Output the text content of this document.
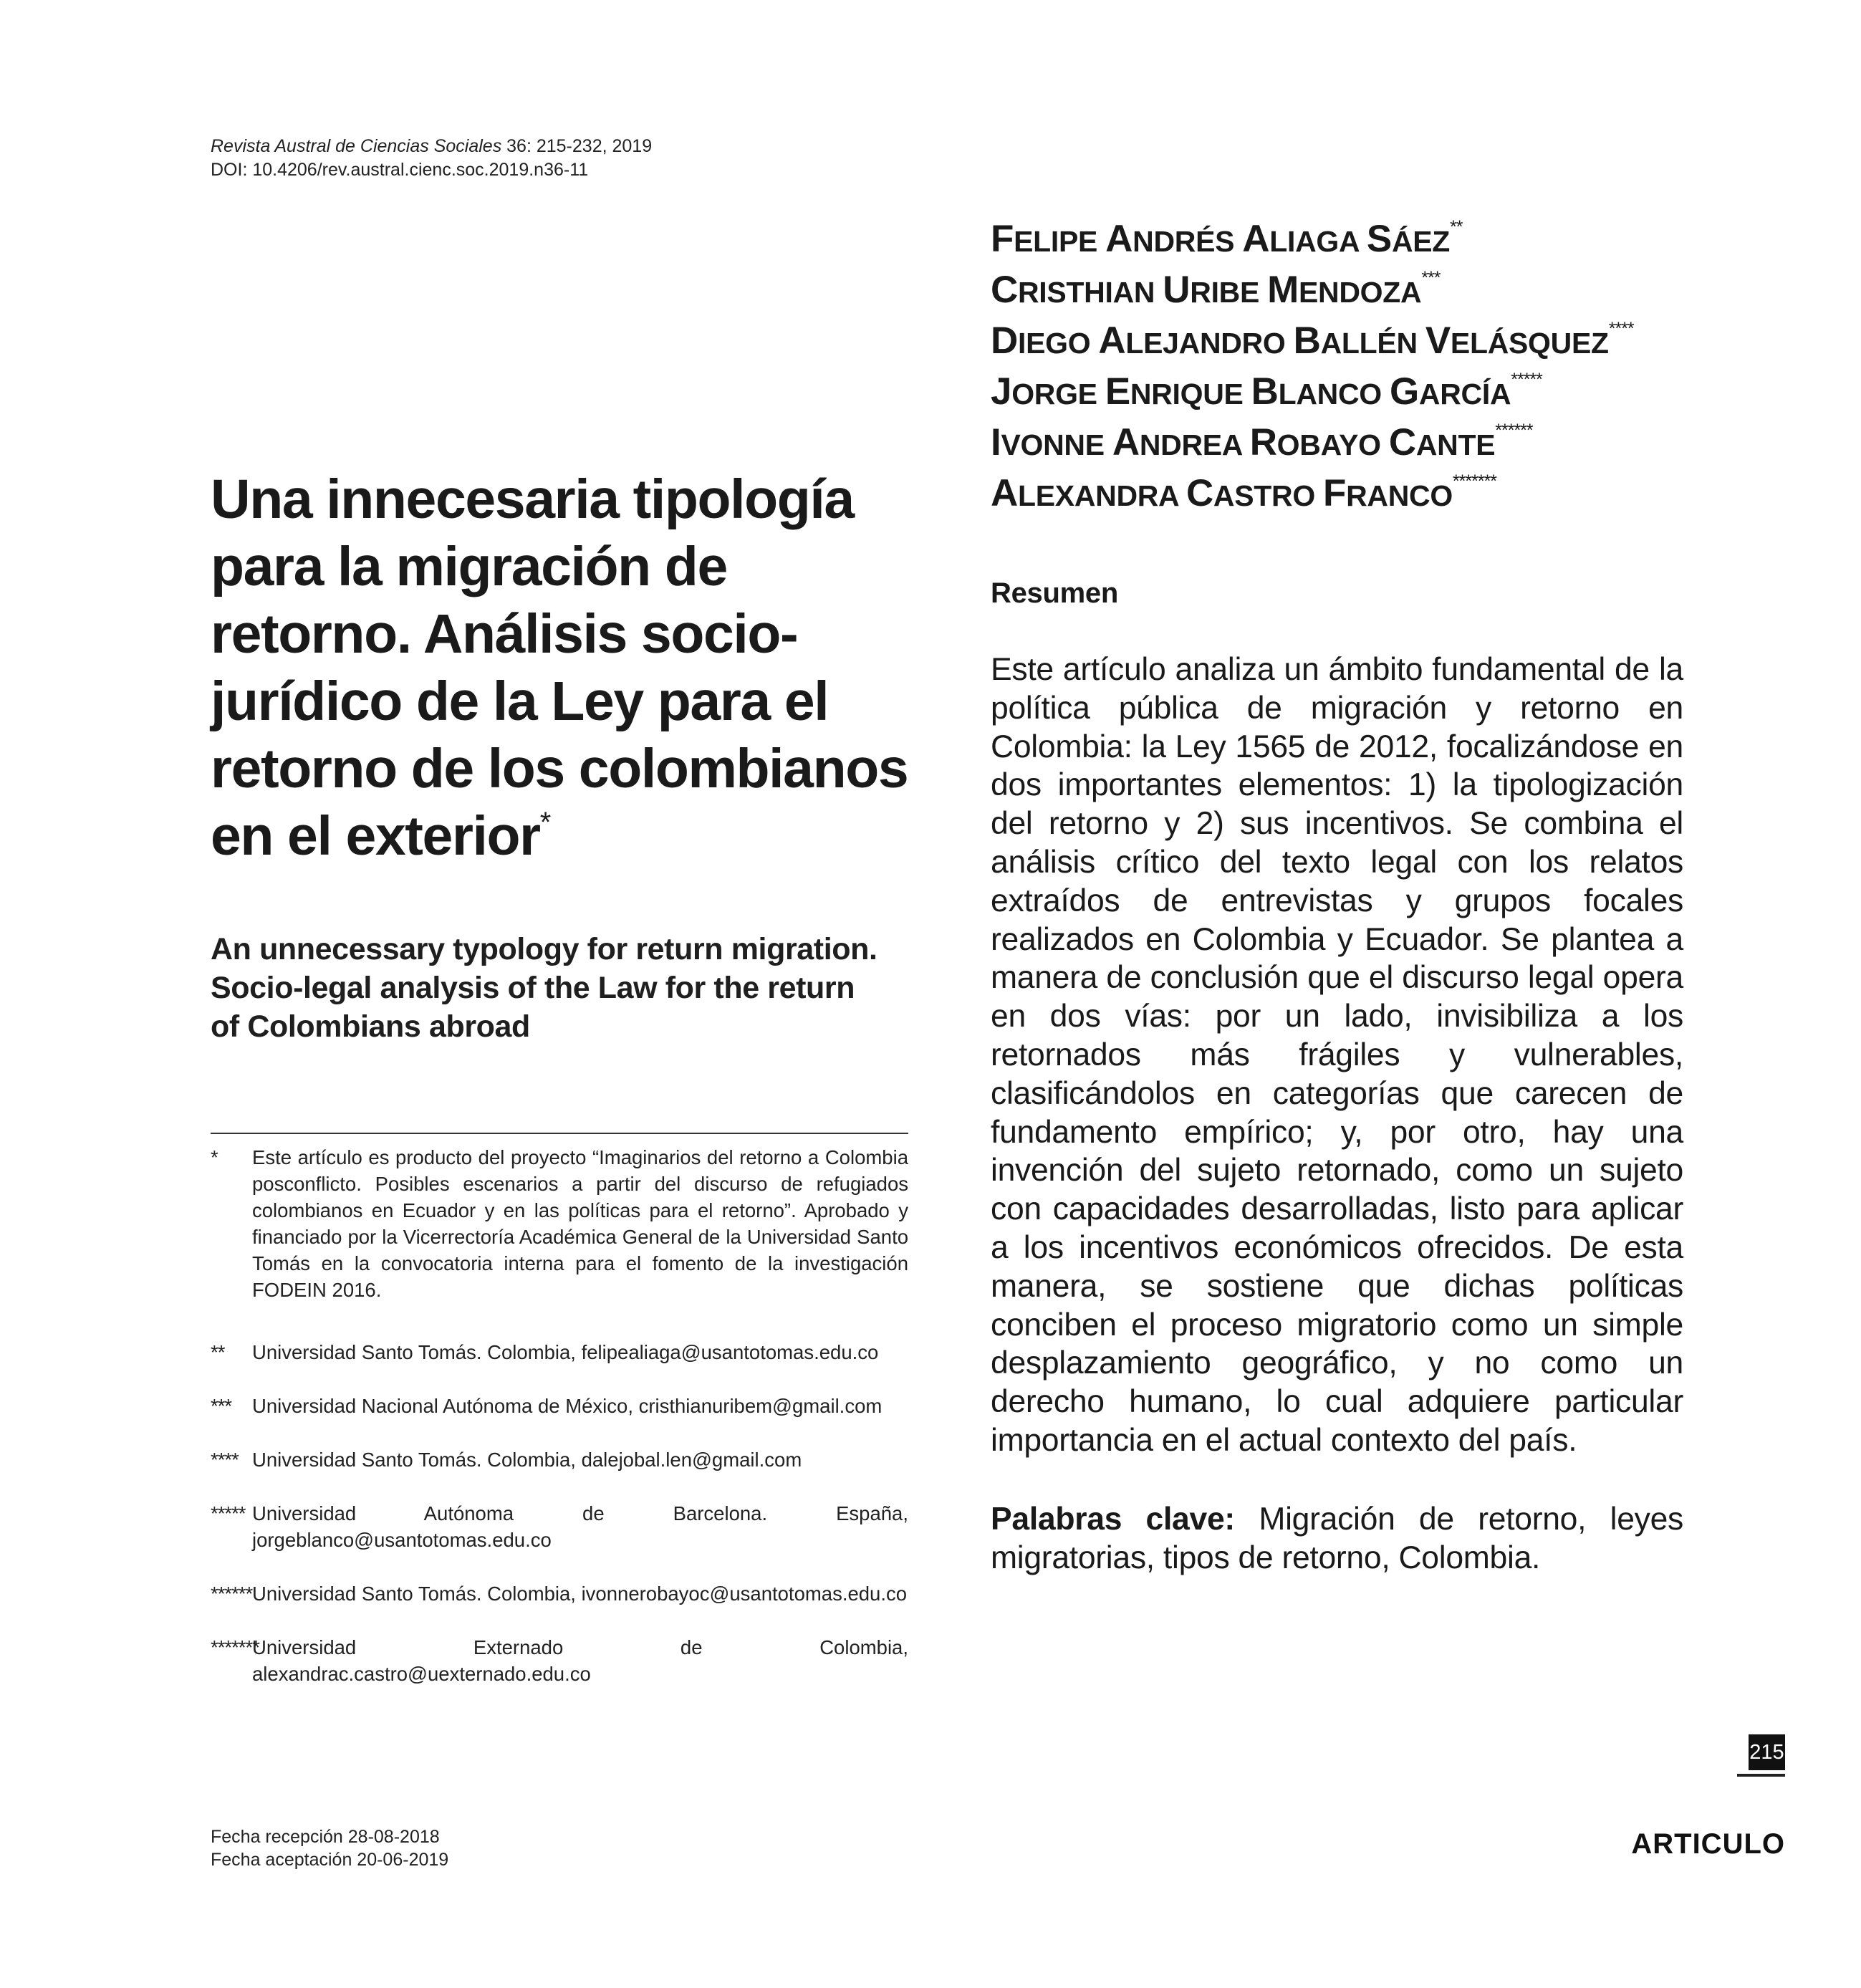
Revista Austral de Ciencias Sociales 36: 215-232, 2019
DOI: 10.4206/rev.austral.cienc.soc.2019.n36-11
Una innecesaria tipología
para la migración de
retorno. Análisis socio-
jurídico de la Ley para el
retorno de los colombianos
en el exterior*
An unnecessary typology for return migration.
Socio-legal analysis of the Law for the return
of Colombians abroad
* Este artículo es producto del proyecto “Imaginarios del retorno a Colombia posconflicto. Posibles escenarios a partir del discurso de refugiados colombianos en Ecuador y en las políticas para el retorno”. Aprobado y financiado por la Vicerrectoría Académica General de la Universidad Santo Tomás en la convocatoria interna para el fomento de la investigación FODEIN 2016.
** Universidad Santo Tomás. Colombia, felipealiaga@usantotomas.edu.co
*** Universidad Nacional Autónoma de México, cristhianuribem@gmail.com
**** Universidad Santo Tomás. Colombia, dalejobal.len@gmail.com
***** Universidad Autónoma de Barcelona. España, jorgeblanco@usantotomas.edu.co
****** Universidad Santo Tomás. Colombia, ivonnerobayoc@usantotomas.edu.co
*******
Universidad Externado de Colombia, alexandrac.castro@uexternado.edu.co
Fecha recepción 28-08-2018
Fecha aceptación 20-06-2019
FELIPE ANDRÉS ALIAGA SÁEZ**
CRISTHIAN URIBE MENDOZA***
DIEGO ALEJANDRO BALLÉN VELÁSQUEZ****
JORGE ENRIQUE BLANCO GARCÍA*****
IVONNE ANDREA ROBAYO CANTE******
ALEXANDRA CASTRO FRANCO*******
Resumen

Este artículo analiza un ámbito fundamental de la política pública de migración y retorno en Colombia: la Ley 1565 de 2012, focalizándose en dos importantes elementos: 1) la tipologización del retorno y 2) sus incentivos. Se combina el análisis crítico del texto legal con los relatos extraídos de entrevistas y grupos focales realizados en Colombia y Ecuador. Se plantea a manera de conclusión que el discurso legal opera en dos vías: por un lado, invisibiliza a los retornados más frágiles y vulnerables, clasificándolos en categorías que carecen de fundamento empírico; y, por otro, hay una invención del sujeto retornado, como un sujeto con capacidades desarrolladas, listo para aplicar a los incentivos económicos ofrecidos. De esta manera, se sostiene que dichas políticas conciben el proceso migratorio como un simple desplazamiento geográfico, y no como un derecho humano, lo cual adquiere particular importancia en el actual contexto del país.

Palabras clave: Migración de retorno, leyes migratorias, tipos de retorno, Colombia.

215
ARTICULO
